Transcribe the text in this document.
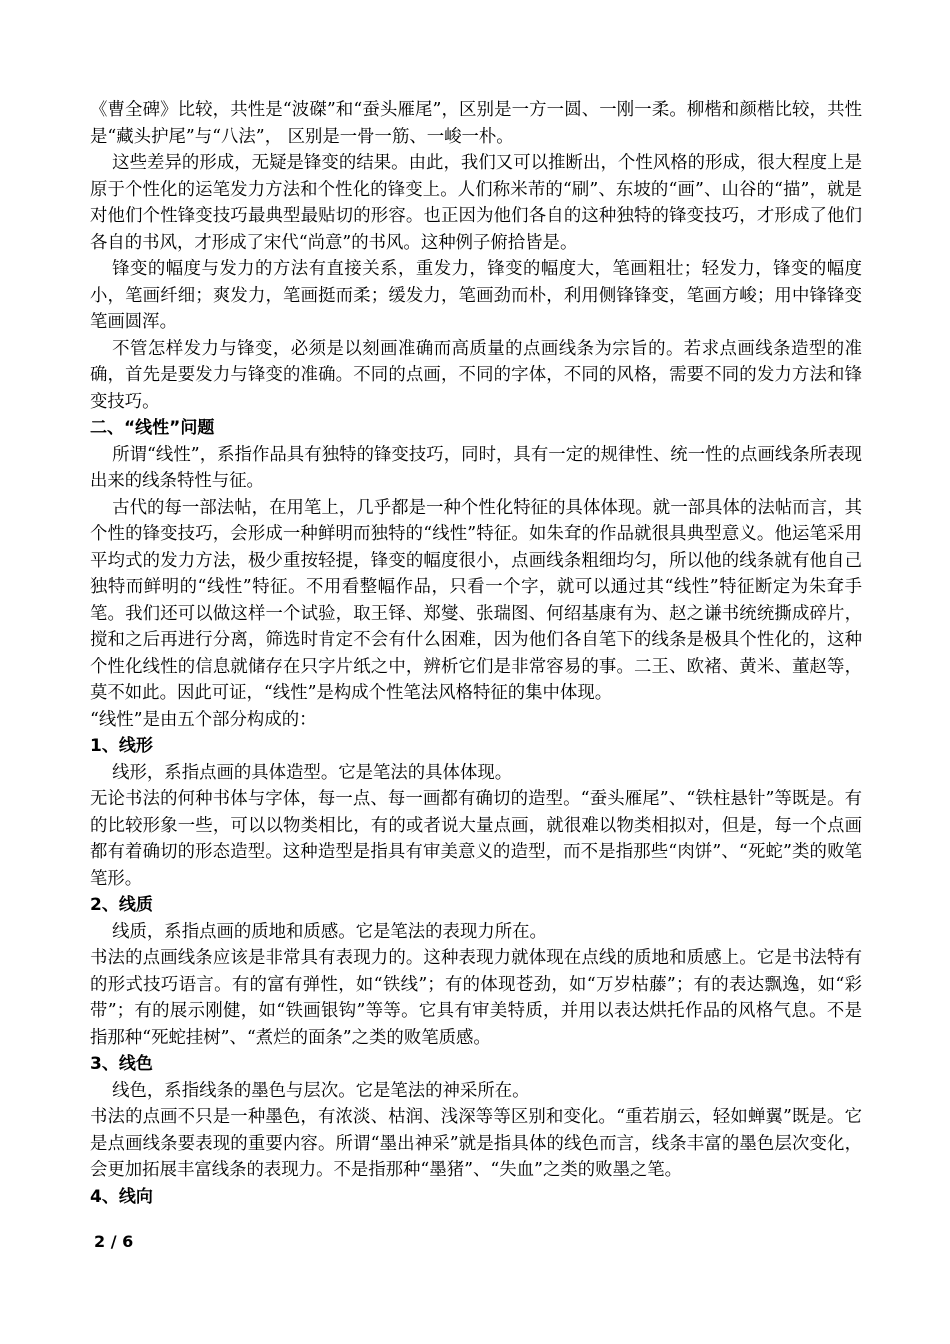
《曹全碑》比较，共性是“波磔”和“蚕头雁尾”，区别是一方一圆、一刚一柔。柳楷和颜楷比较，共性是“藏头护尾”与“八法”， 区别是一骨一筋、一峻一朴。

这些差异的形成，无疑是锋变的结果。由此，我们又可以推断出，个性风格的形成，很大程度上是原于个性化的运笔发力方法和个性化的锋变上。人们称米芾的“刷”、东坡的“画”、山谷的“描”，就是对他们个性锋变技巧最典型最贴切的形容。也正因为他们各自的这种独特的锋变技巧，才形成了他们各自的书风，才形成了宋代“尚意”的书风。这种例子俯拾皆是。

锋变的幅度与发力的方法有直接关系，重发力，锋变的幅度大，笔画粗壮；轻发力，锋变的幅度小，笔画纤细；爽发力，笔画挺而柔；缓发力，笔画劲而朴，利用侧锋锋变，笔画方峻；用中锋锋变笔画圆浑。

不管怎样发力与锋变，必须是以刻画准确而高质量的点画线条为宗旨的。若求点画线条造型的准确，首先是要发力与锋变的准确。不同的点画，不同的字体，不同的风格，需要不同的发力方法和锋变技巧。

二、“线性”问题

所谓“线性”，系指作品具有独特的锋变技巧，同时，具有一定的规律性、统一性的点画线条所表现出来的线条特性与征。

古代的每一部法帖，在用笔上，几乎都是一种个性化特征的具体体现。就一部具体的法帖而言，其个性的锋变技巧，会形成一种鲜明而独特的“线性”特征。如朱耷的作品就很具典型意义。他运笔采用平均式的发力方法，极少重按轻提，锋变的幅度很小，点画线条粗细均匀，所以他的线条就有他自己独特而鲜明的“线性”特征。不用看整幅作品，只看一个字，就可以通过其“线性”特征断定为朱耷手笔。我们还可以做这样一个试验，取王铎、郑燮、张瑞图、何绍基康有为、赵之谦书统统撕成碎片，搅和之后再进行分离，筛选时肯定不会有什么困难，因为他们各自笔下的线条是极具个性化的，这种个性化线性的信息就储存在只字片纸之中，辨析它们是非常容易的事。二王、欧褚、黄米、董赵等，莫不如此。因此可证，“线性”是构成个性笔法风格特征的集中体现。

“线性”是由五个部分构成的：

1、线形

线形，系指点画的具体造型。它是笔法的具体体现。

无论书法的何种书体与字体，每一点、每一画都有确切的造型。“蚕头雁尾”、“铁柱悬针”等既是。有的比较形象一些，可以以物类相比，有的或者说大量点画，就很难以物类相拟对，但是，每一个点画都有着确切的形态造型。这种造型是指具有审美意义的造型，而不是指那些“肉饼”、“死蛇”类的败笔笔形。

2、线质

线质，系指点画的质地和质感。它是笔法的表现力所在。

书法的点画线条应该是非常具有表现力的。这种表现力就体现在点线的质地和质感上。它是书法特有的形式技巧语言。有的富有弹性，如“铁线”；有的体现苍劲，如“万岁枯藤”；有的表达飘逸，如“彩带”；有的展示刚健，如“铁画银钩”等等。它具有审美特质，并用以表达烘托作品的风格气息。不是指那种“死蛇挂树”、“煮烂的面条”之类的败笔质感。

3、线色

线色，系指线条的墨色与层次。它是笔法的神采所在。

书法的点画不只是一种墨色，有浓淡、枯润、浅深等等区别和变化。“重若崩云，轻如蝉翼”既是。它是点画线条要表现的重要内容。所谓“墨出神采”就是指具体的线色而言，线条丰富的墨色层次变化，会更加拓展丰富线条的表现力。不是指那种“墨猪”、“失血”之类的败墨之笔。

4、线向

2 / 6
